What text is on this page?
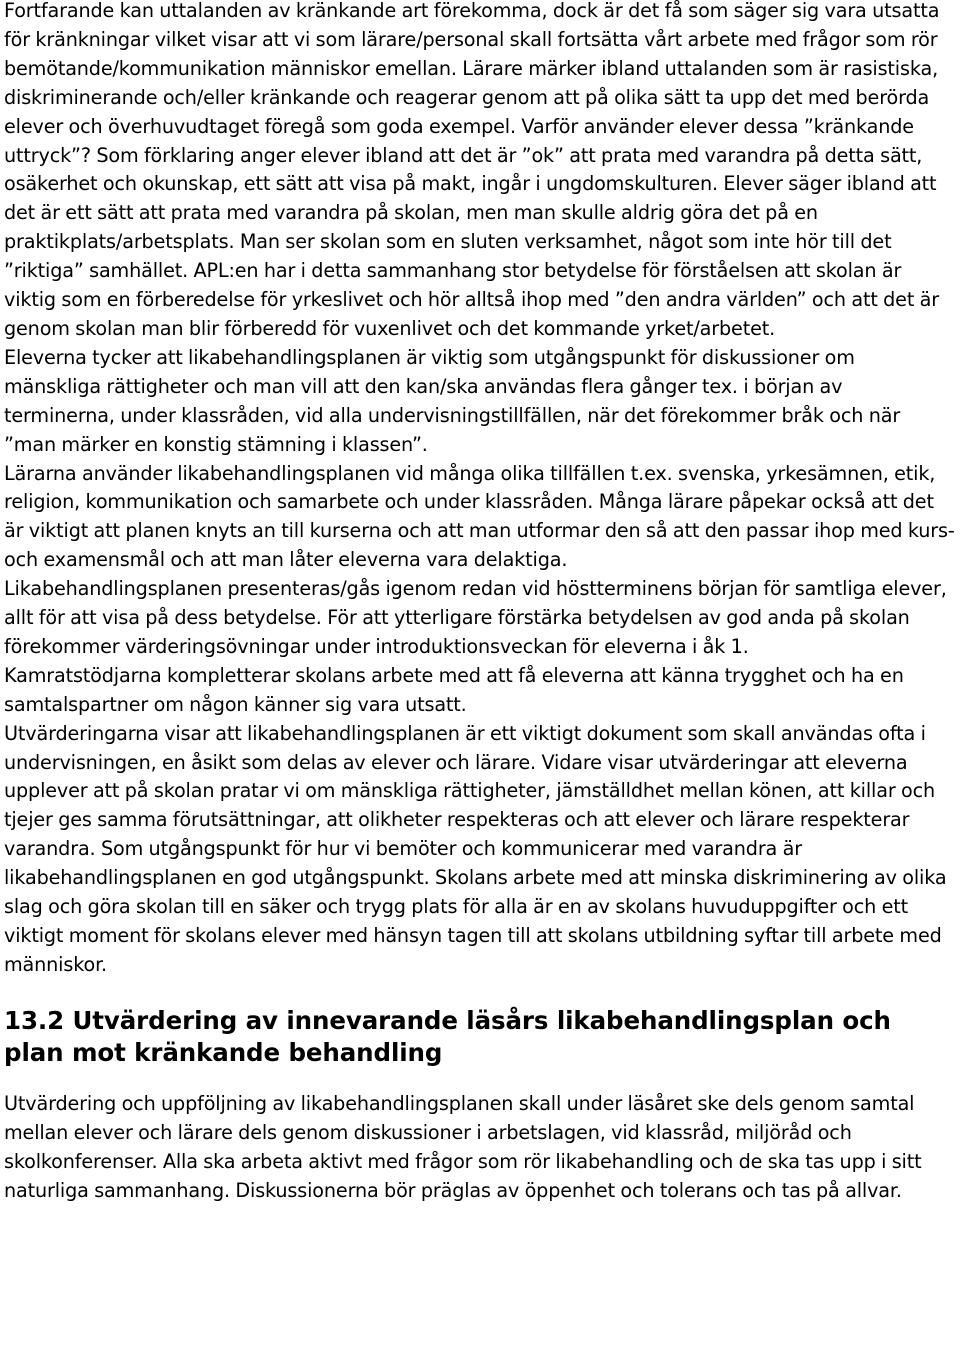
Fortfarande kan uttalanden av kränkande art förekomma, dock är det få som säger sig vara utsatta för kränkningar vilket visar att vi som lärare/personal skall fortsätta vårt arbete med frågor som rör bemötande/kommunikation människor emellan. Lärare märker ibland uttalanden som är rasistiska, diskriminerande och/eller kränkande och reagerar genom att på olika sätt ta upp det med berörda elever och överhuvudtaget föregå som goda exempel. Varför använder elever dessa ”kränkande uttryck”? Som förklaring anger elever ibland att det är ”ok” att prata med varandra på detta sätt, osäkerhet och okunskap, ett sätt att visa på makt, ingår i ungdomskulturen. Elever säger ibland att det är ett sätt att prata med varandra på skolan, men man skulle aldrig göra det på en praktikplats/arbetsplats. Man ser skolan som en sluten verksamhet, något som inte hör till det ”riktiga” samhället. APL:en har i detta sammanhang stor betydelse för förståelsen att skolan är viktig som en förberedelse för yrkeslivet och hör alltså ihop med ”den andra världen” och att det är genom skolan man blir förberedd för vuxenlivet och det kommande yrket/arbetet.

Eleverna tycker att likabehandlingsplanen är viktig som utgångspunkt för diskussioner om mänskliga rättigheter och man vill att den kan/ska användas flera gånger tex. i början av terminerna, under klassråden, vid alla undervisningstillfällen, när det förekommer bråk och när ”man märker en konstig stämning i klassen”.

Lärarna använder likabehandlingsplanen vid många olika tillfällen t.ex. svenska, yrkesämnen, etik, religion, kommunikation och samarbete och under klassråden. Många lärare påpekar också att det är viktigt att planen knyts an till kurserna och att man utformar den så att den passar ihop med kurs- och examensmål och att man låter eleverna vara delaktiga.

Likabehandlingsplanen presenteras/gås igenom redan vid höstterminens början för samtliga elever, allt för att visa på dess betydelse. För att ytterligare förstärka betydelsen av god anda på skolan förekommer värderingsövningar under introduktionsveckan för eleverna i åk 1.

Kamratstödjarna kompletterar skolans arbete med att få eleverna att känna trygghet och ha en samtalspartner om någon känner sig vara utsatt.

Utvärderingarna visar att likabehandlingsplanen är ett viktigt dokument som skall användas ofta i undervisningen, en åsikt som delas av elever och lärare. Vidare visar utvärderingar att eleverna upplever att på skolan pratar vi om mänskliga rättigheter, jämställdhet mellan könen, att killar och tjejer ges samma förutsättningar, att olikheter respekteras och att elever och lärare respekterar varandra. Som utgångspunkt för hur vi bemöter och kommunicerar med varandra är likabehandlingsplanen en god utgångspunkt. Skolans arbete med att minska diskriminering av olika slag och göra skolan till en säker och trygg plats för alla är en av skolans huvuduppgifter och ett viktigt moment för skolans elever med hänsyn tagen till att skolans utbildning syftar till arbete med människor.

13.2 Utvärdering av innevarande läsårs likabehandlingsplan och plan mot kränkande behandling

Utvärdering och uppföljning av likabehandlingsplanen skall under läsåret ske dels genom samtal mellan elever och lärare dels genom diskussioner i arbetslagen, vid klassråd, miljöråd och skolkonferenser. Alla ska arbeta aktivt med frågor som rör likabehandling och de ska tas upp i sitt naturliga sammanhang. Diskussionerna bör präglas av öppenhet och tolerans och tas på allvar.
